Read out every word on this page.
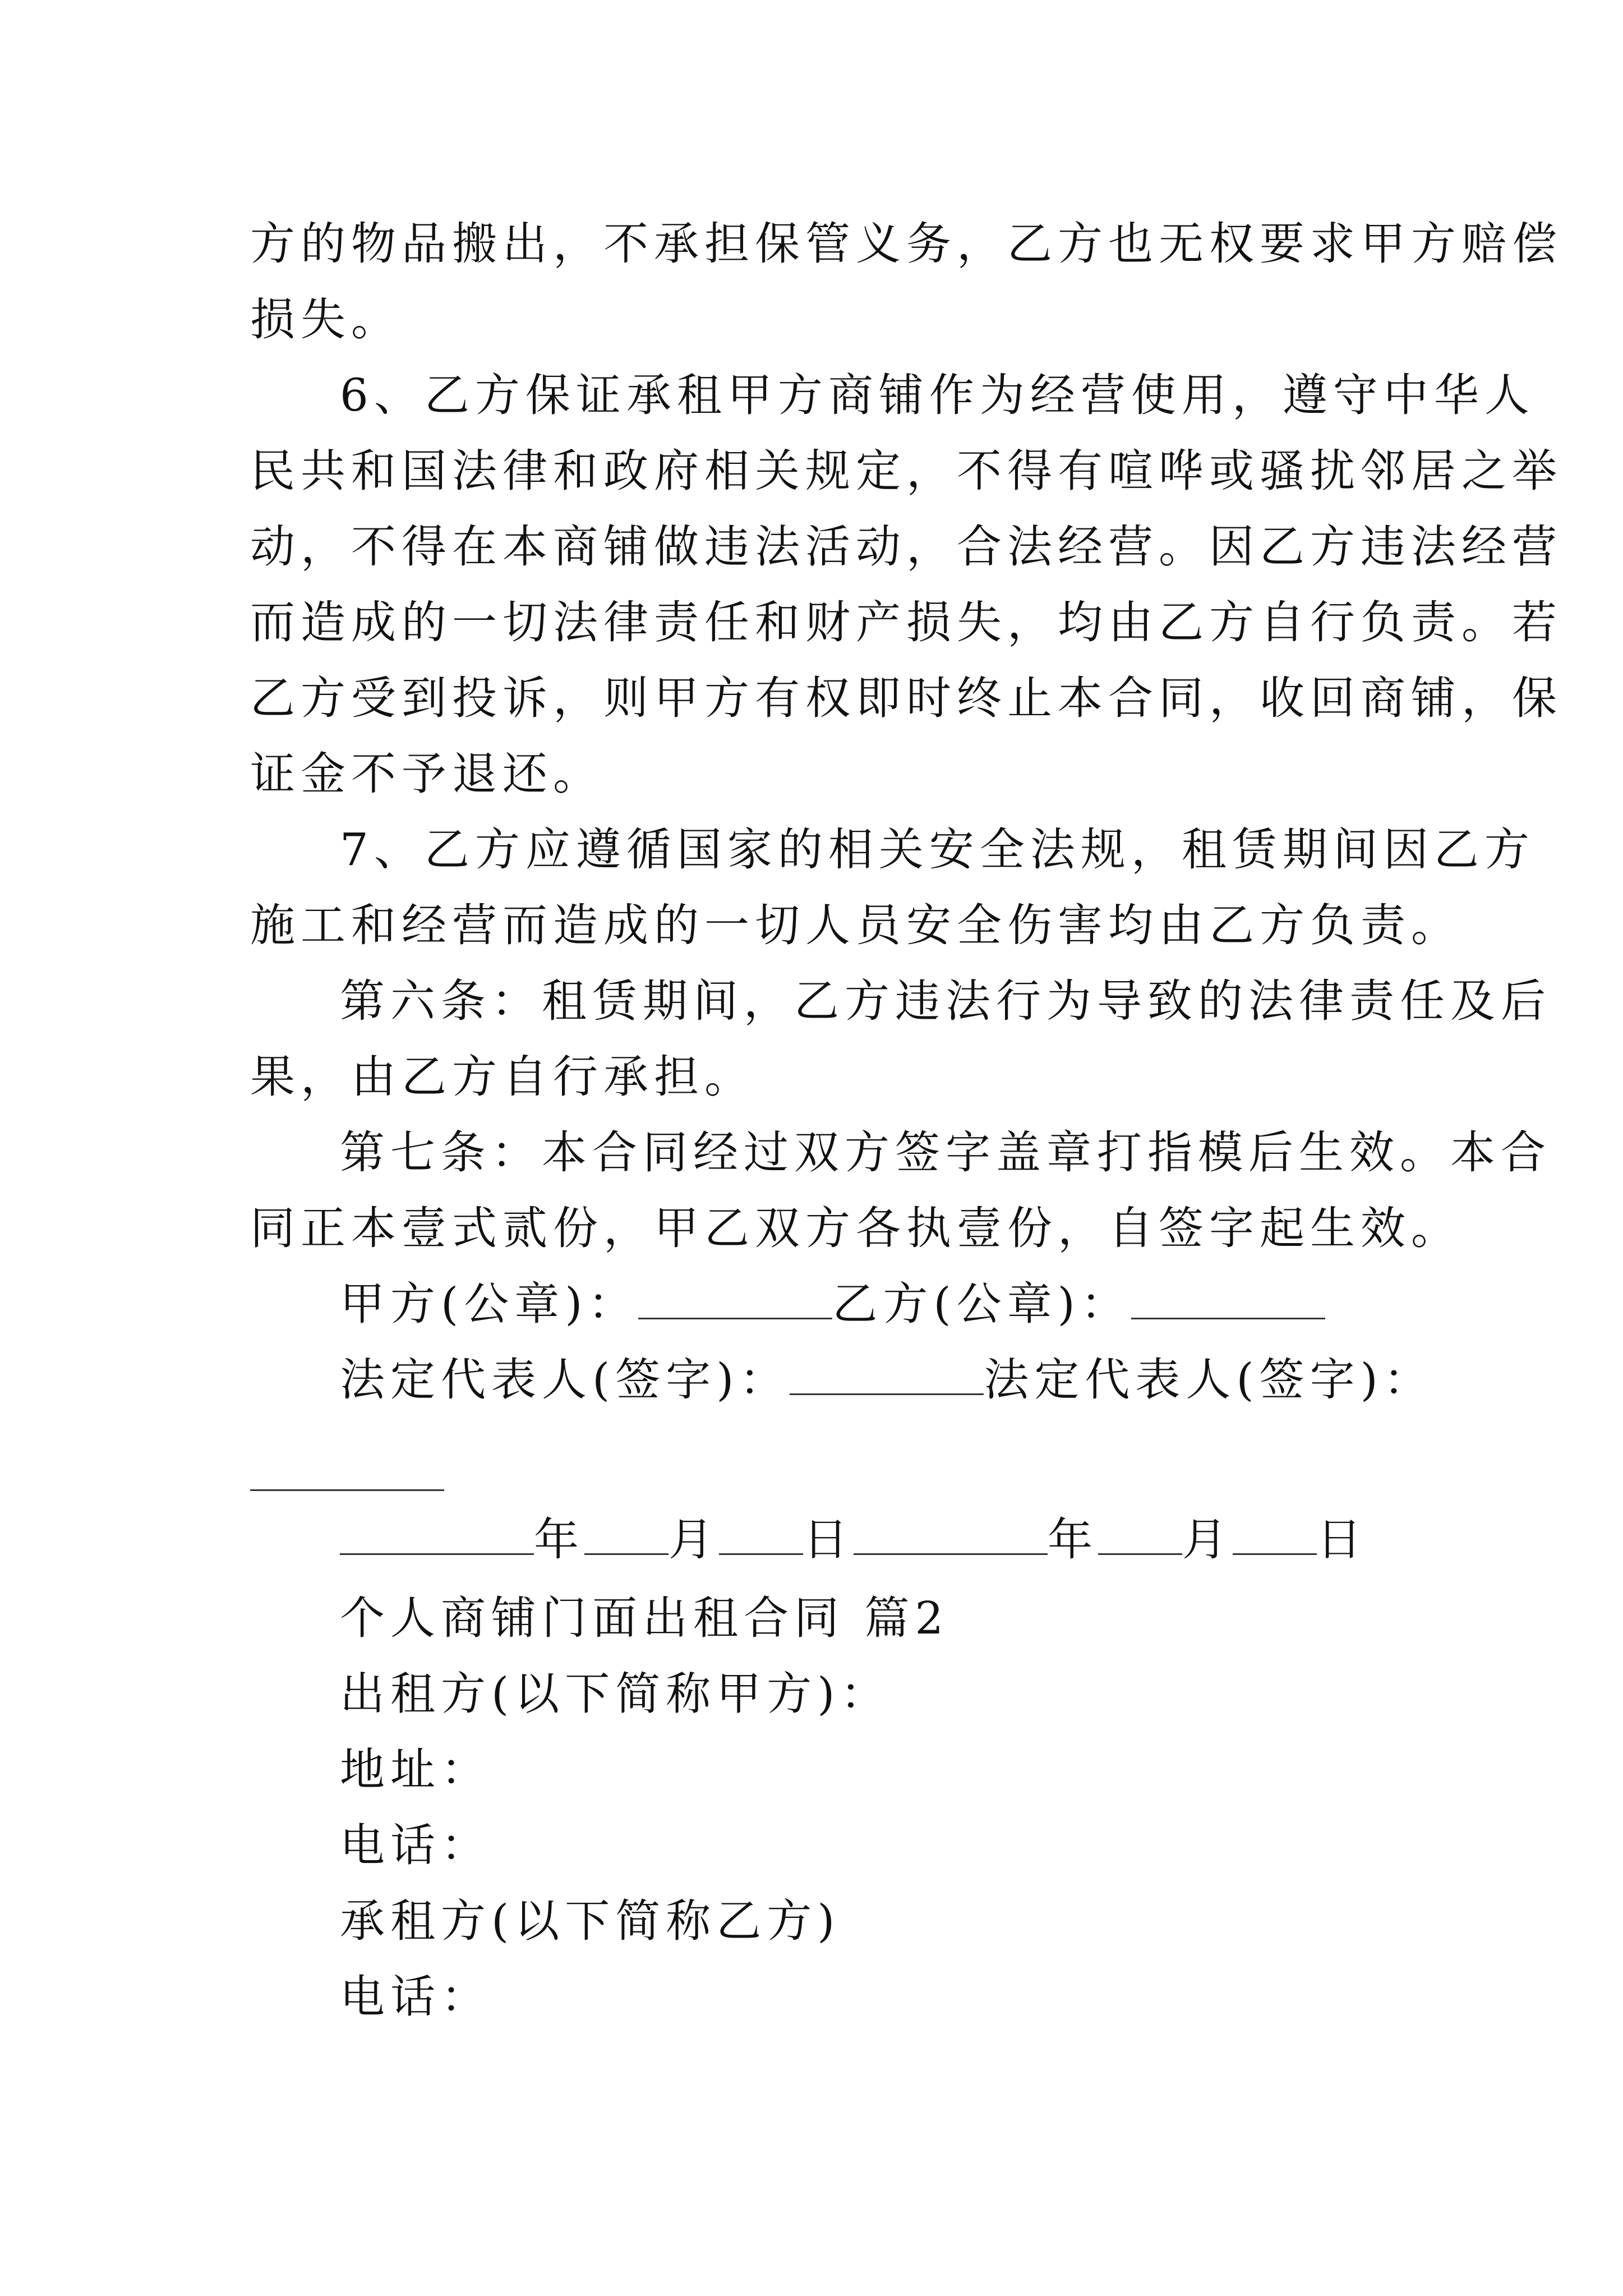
方的物品搬出，不承担保管义务，乙方也无权要求甲方赔偿
损失。
6、乙方保证承租甲方商铺作为经营使用，遵守中华人
民共和国法律和政府相关规定，不得有喧哗或骚扰邻居之举
动，不得在本商铺做违法活动，合法经营。因乙方违法经营
而造成的一切法律责任和财产损失，均由乙方自行负责。若
乙方受到投诉，则甲方有权即时终止本合同，收回商铺，保
证金不予退还。
7、乙方应遵循国家的相关安全法规，租赁期间因乙方
施工和经营而造成的一切人员安全伤害均由乙方负责。
第六条：租赁期间，乙方违法行为导致的法律责任及后
果，由乙方自行承担。
第七条：本合同经过双方签字盖章打指模后生效。本合
同正本壹式贰份，甲乙双方各执壹份，自签字起生效。
甲方(公章)：	乙方(公章)：
法定代表人(签字)：	法定代表人(签字)：
年 月 日	年 月 日
个人商铺门面出租合同 篇2
出租方(以下简称甲方)：
地址：
电话：
承租方(以下简称乙方)
电话：
